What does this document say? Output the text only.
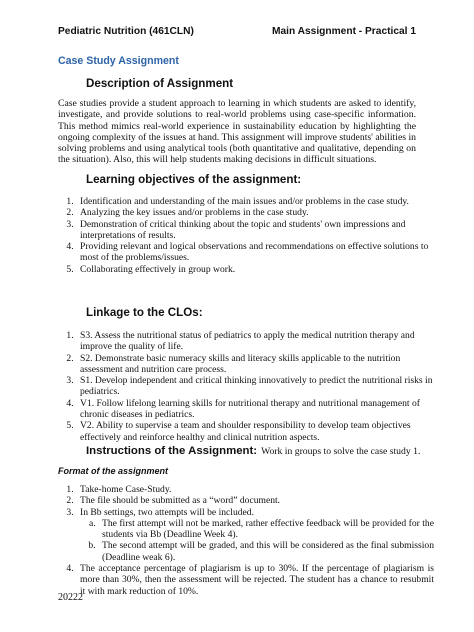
Pediatric Nutrition (461CLN)	Main Assignment - Practical 1
Case Study Assignment
Description of Assignment
Case studies provide a student approach to learning in which students are asked to identify, investigate, and provide solutions to real-world problems using case-specific information. This method mimics real-world experience in sustainability education by highlighting the ongoing complexity of the issues at hand. This assignment will improve students' abilities in solving problems and using analytical tools (both quantitative and qualitative, depending on the situation). Also, this will help students making decisions in difficult situations.
Learning objectives of the assignment:
1. Identification and understanding of the main issues and/or problems in the case study.
2. Analyzing the key issues and/or problems in the case study.
3. Demonstration of critical thinking about the topic and students' own impressions and interpretations of results.
4. Providing relevant and logical observations and recommendations on effective solutions to most of the problems/issues.
5. Collaborating effectively in group work.
Linkage to the CLOs:
1. S3. Assess the nutritional status of pediatrics to apply the medical nutrition therapy and improve the quality of life.
2. S2. Demonstrate basic numeracy skills and literacy skills applicable to the nutrition assessment and nutrition care process.
3. S1. Develop independent and critical thinking innovatively to predict the nutritional risks in pediatrics.
4. V1. Follow lifelong learning skills for nutritional therapy and nutritional management of chronic diseases in pediatrics.
5. V2. Ability to supervise a team and shoulder responsibility to develop team objectives effectively and reinforce healthy and clinical nutrition aspects.
Instructions of the Assignment: Work in groups to solve the case study 1.
Format of the assignment
1. Take-home Case-Study.
2. The file should be submitted as a “word” document.
3. In Bb settings, two attempts will be included.
a. The first attempt will not be marked, rather effective feedback will be provided for the students via Bb (Deadline Week 4).
b. The second attempt will be graded, and this will be considered as the final submission (Deadline weak 6).
4. The acceptance percentage of plagiarism is up to 30%. If the percentage of plagiarism is more than 30%, then the assessment will be rejected. The student has a chance to resubmit it with mark reduction of 10%.
20222
